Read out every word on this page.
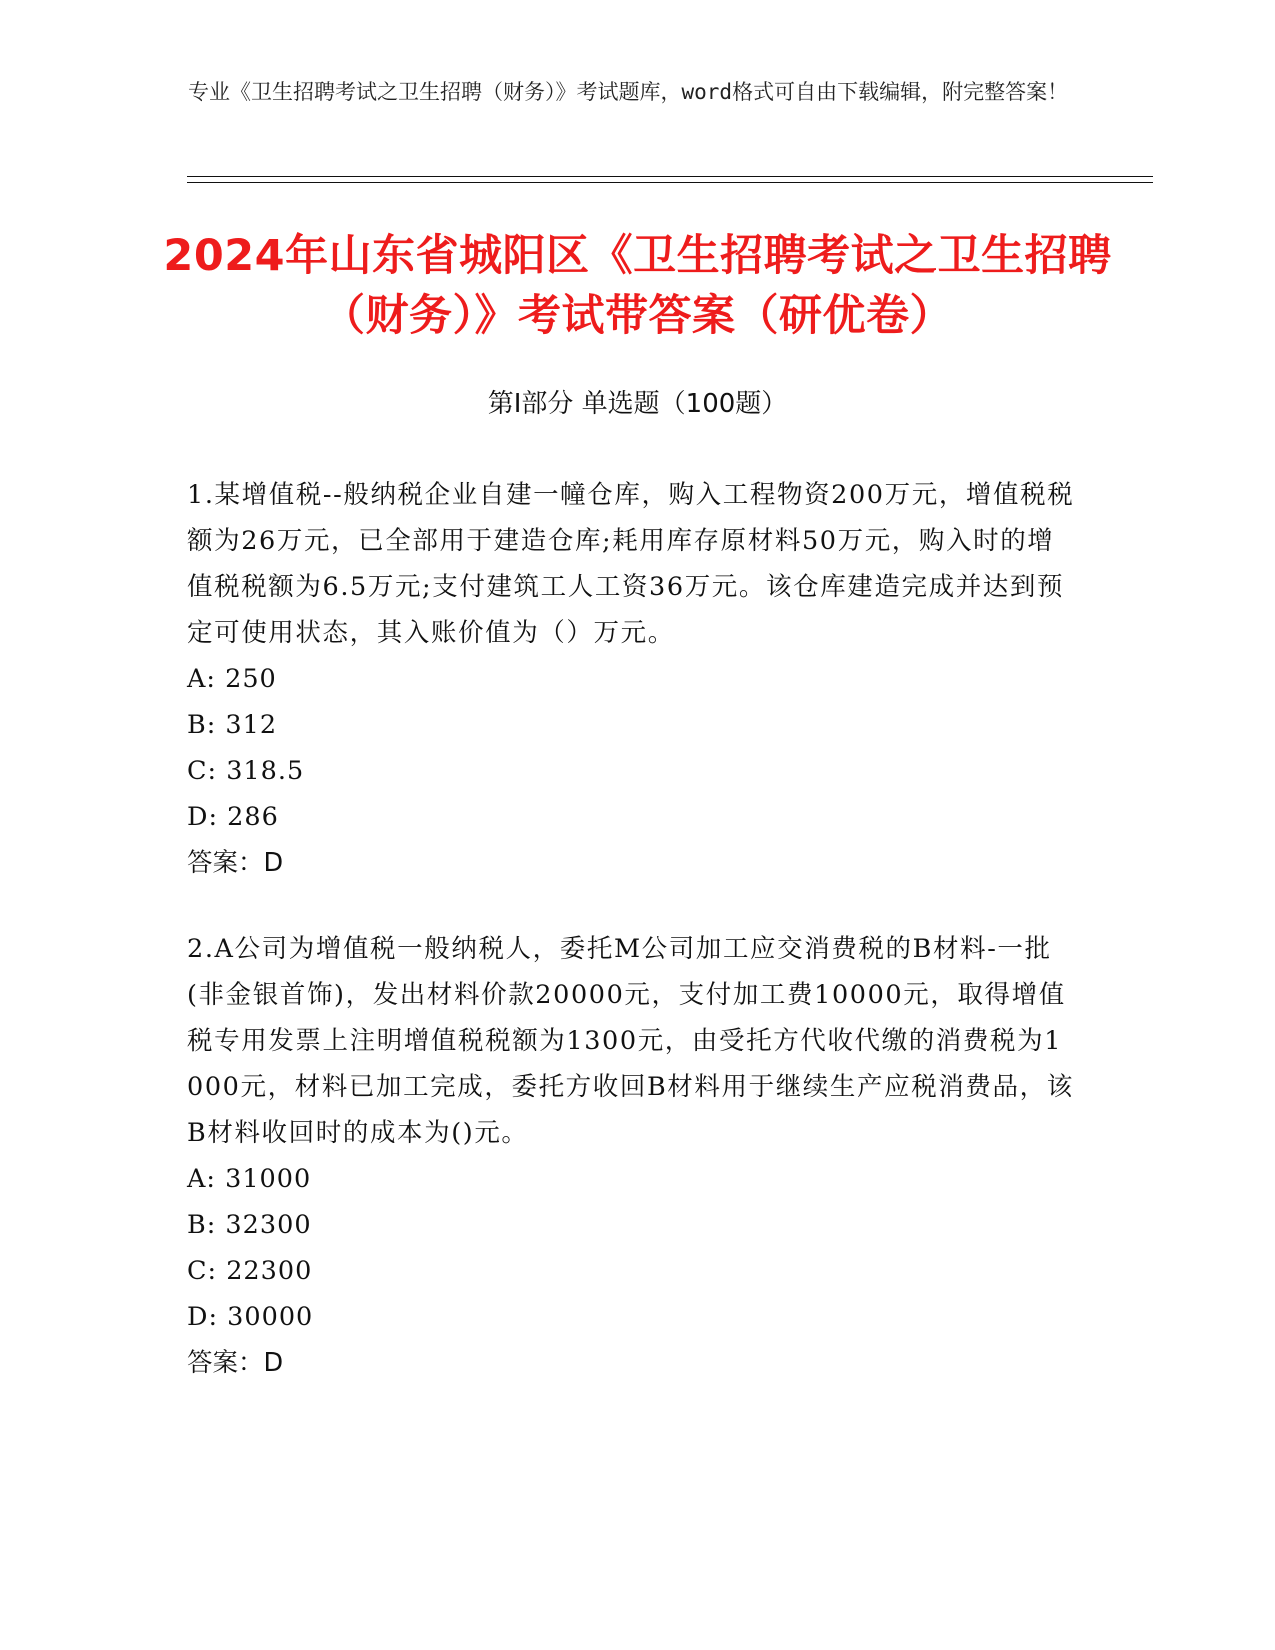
专业《卫生招聘考试之卫生招聘（财务）》考试题库，word格式可自由下载编辑，附完整答案！
2024年山东省城阳区《卫生招聘考试之卫生招聘（财务）》考试带答案（研优卷）
第Ⅰ部分 单选题（100题）

1.某增值税--般纳税企业自建一幢仓库，购入工程物资200万元，增值税税额为26万元，已全部用于建造仓库;耗用库存原材料50万元，购入时的增值税税额为6.5万元;支付建筑工人工资36万元。该仓库建造完成并达到预定可使用状态，其入账价值为（）万元。

A: 250
B: 312
C: 318.5
D: 286
答案：D

2.A公司为增值税一般纳税人，委托M公司加工应交消费税的B材料-一批(非金银首饰)，发出材料价款20000元，支付加工费10000元，取得增值税专用发票上注明增值税税额为1300元，由受托方代收代缴的消费税为1000元，材料已加工完成，委托方收回B材料用于继续生产应税消费品，该B材料收回时的成本为()元。

A: 31000
B: 32300
C: 22300
D: 30000
答案：D
